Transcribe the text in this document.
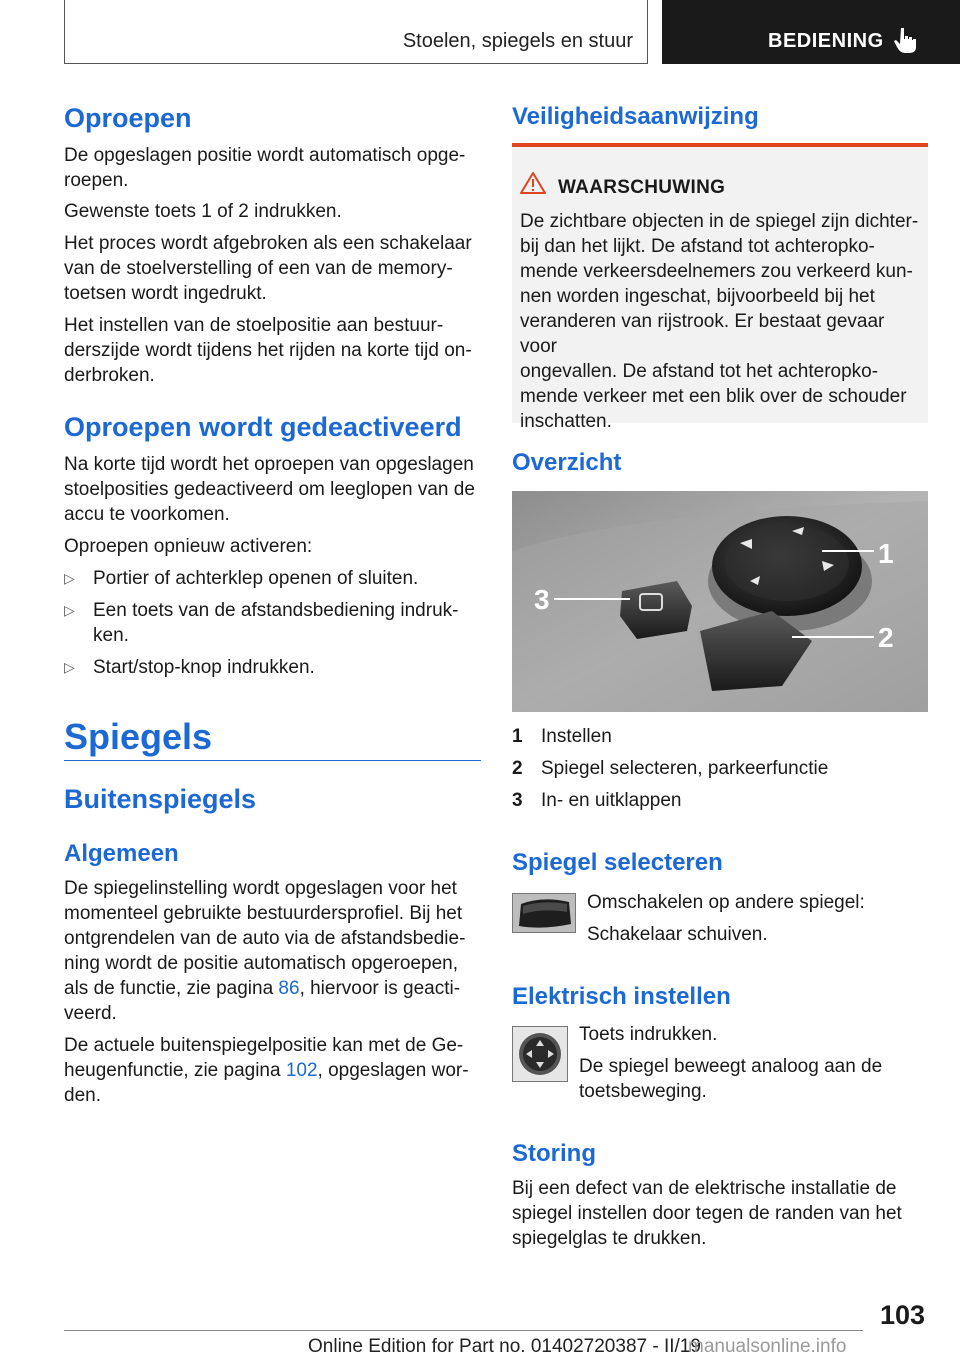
Stoelen, spiegels en stuur	BEDIENING
Oproepen
De opgeslagen positie wordt automatisch opge‐
roepen.
Gewenste toets 1 of 2 indrukken.
Het proces wordt afgebroken als een schakelaar
van de stoelverstelling of een van de memory‐
toetsen wordt ingedrukt.
Het instellen van de stoelpositie aan bestuur‐
derszijde wordt tijdens het rijden na korte tijd on‐
derbroken.
Oproepen wordt gedeactiveerd
Na korte tijd wordt het oproepen van opgeslagen
stoelposities gedeactiveerd om leeglopen van de
accu te voorkomen.
Oproepen opnieuw activeren:
▷ Portier of achterklep openen of sluiten.
▷ Een toets van de afstandsbediening indruk‐
ken.
▷ Start/stop-knop indrukken.
Spiegels
Buitenspiegels
Algemeen
De spiegelinstelling wordt opgeslagen voor het
momenteel gebruikte bestuurdersprofiel. Bij het
ontgrendelen van de auto via de afstandsbedie‐
ning wordt de positie automatisch opgeroepen,
als de functie, zie pagina 86, hiervoor is geacti‐
veerd.
De actuele buitenspiegelpositie kan met de Ge‐
heugenfunctie, zie pagina 102, opgeslagen wor‐
den.
Veiligheidsaanwijzing
WAARSCHUWING
De zichtbare objecten in de spiegel zijn dichter‐
bij dan het lijkt. De afstand tot achteropko‐
mende verkeersdeelnemers zou verkeerd kun‐
nen worden ingeschat, bijvoorbeeld bij het
veranderen van rijstrook. Er bestaat gevaar voor
ongevallen. De afstand tot het achteropko‐
mende verkeer met een blik over de schouder
inschatten.
Overzicht
3
1
2
1 Instellen
2 Spiegel selecteren, parkeerfunctie
3 In- en uitklappen
Spiegel selecteren
Omschakelen op andere spiegel:
Schakelaar schuiven.
Elektrisch instellen
Toets indrukken.
De spiegel beweegt analoog aan de
toetsbeweging.
Storing
Bij een defect van de elektrische installatie de
spiegel instellen door tegen de randen van het
spiegelglas te drukken.
103
Online Edition for Part no. 01402720387 - II/19
manualsonline.info
